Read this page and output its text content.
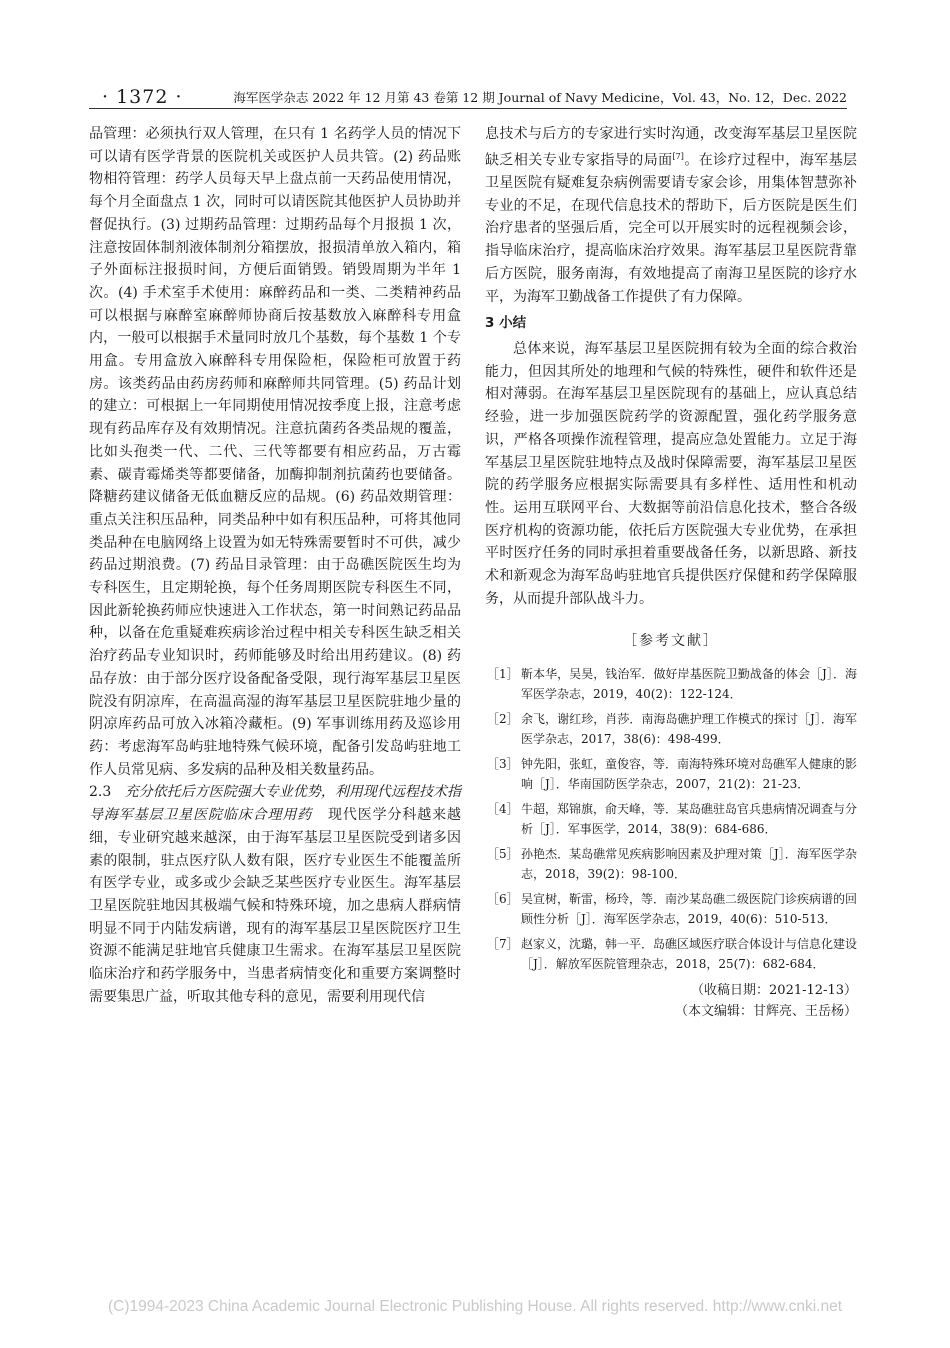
· 1372 ·	海军医学杂志 2022 年 12 月第 43 卷第 12 期 Journal of Navy Medicine，Vol. 43，No. 12，Dec. 2022

品管理：必须执行双人管理，在只有 1 名药学人员的情况下可以请有医学背景的医院机关或医护人员共管。(2) 药品账物相符管理：药学人员每天早上盘点前一天药品使用情况，每个月全面盘点 1 次，同时可以请医院其他医护人员协助并督促执行。(3) 过期药品管理：过期药品每个月报损 1 次，注意按固体制剂液体制剂分箱摆放，报损清单放入箱内，箱子外面标注报损时间，方便后面销毁。销毁周期为半年 1 次。(4) 手术室手术使用：麻醉药品和一类、二类精神药品可以根据与麻醉室麻醉师协商后按基数放入麻醉科专用盒内，一般可以根据手术量同时放几个基数，每个基数 1 个专用盒。专用盒放入麻醉科专用保险柜，保险柜可放置于药房。该类药品由药房药师和麻醉师共同管理。(5) 药品计划的建立：可根据上一年同期使用情况按季度上报，注意考虑现有药品库存及有效期情况。注意抗菌药各类品规的覆盖，比如头孢类一代、二代、三代等都要有相应药品，万古霉素、碳青霉烯类等都要储备，加酶抑制剂抗菌药也要储备。降糖药建议储备无低血糖反应的品规。(6) 药品效期管理：重点关注积压品种，同类品种中如有积压品种，可将其他同类品种在电脑网络上设置为如无特殊需要暂时不可供，减少药品过期浪费。(7) 药品目录管理：由于岛礁医院医生均为专科医生，且定期轮换，每个任务周期医院专科医生不同，因此新轮换药师应快速进入工作状态，第一时间熟记药品品种，以备在危重疑难疾病诊治过程中相关专科医生缺乏相关治疗药品专业知识时，药师能够及时给出用药建议。(8) 药品存放：由于部分医疗设备配备受限，现行海军基层卫星医院没有阴凉库，在高温高湿的海军基层卫星医院驻地少量的阴凉库药品可放入冰箱冷藏柜。(9) 军事训练用药及巡诊用药：考虑海军岛屿驻地特殊气候环境，配备引发岛屿驻地工作人员常见病、多发病的品种及相关数量药品。

2.3 充分依托后方医院强大专业优势，利用现代远程技术指导海军基层卫星医院临床合理用药 现代医学分科越来越细，专业研究越来越深，由于海军基层卫星医院受到诸多因素的限制，驻点医疗队人数有限，医疗专业医生不能覆盖所有医学专业，或多或少会缺乏某些医疗专业医生。海军基层卫星医院驻地因其极端气候和特殊环境，加之患病人群病情明显不同于内陆发病谱，现有的海军基层卫星医院医疗卫生资源不能满足驻地官兵健康卫生需求。在海军基层卫星医院临床治疗和药学服务中，当患者病情变化和重要方案调整时需要集思广益，听取其他专科的意见，需要利用现代信

息技术与后方的专家进行实时沟通，改变海军基层卫星医院缺乏相关专业专家指导的局面[7]。在诊疗过程中，海军基层卫星医院有疑难复杂病例需要请专家会诊，用集体智慧弥补专业的不足，在现代信息技术的帮助下，后方医院是医生们治疗患者的坚强后盾，完全可以开展实时的远程视频会诊，指导临床治疗，提高临床治疗效果。海军基层卫星医院背靠后方医院，服务南海，有效地提高了南海卫星医院的诊疗水平，为海军卫勤战备工作提供了有力保障。

3 小结

总体来说，海军基层卫星医院拥有较为全面的综合救治能力，但因其所处的地理和气候的特殊性，硬件和软件还是相对薄弱。在海军基层卫星医院现有的基础上，应认真总结经验，进一步加强医院药学的资源配置，强化药学服务意识，严格各项操作流程管理，提高应急处置能力。立足于海军基层卫星医院驻地特点及战时保障需要，海军基层卫星医院的药学服务应根据实际需要具有多样性、适用性和机动性。运用互联网平台、大数据等前沿信息化技术，整合各级医疗机构的资源功能，依托后方医院强大专业优势，在承担平时医疗任务的同时承担着重要战备任务，以新思路、新技术和新观念为海军岛屿驻地官兵提供医疗保健和药学保障服务，从而提升部队战斗力。

［参考文献］
［1］ 靳本华，吴昊，钱治军．做好岸基医院卫勤战备的体会［J］．海军医学杂志，2019，40(2)：122-124．
［2］ 余飞，谢红珍，肖莎．南海岛礁护理工作模式的探讨［J］．海军医学杂志，2017，38(6)：498-499．
［3］ 钟先阳，张虹，童俊容，等．南海特殊环境对岛礁军人健康的影响［J］．华南国防医学杂志，2007，21(2)：21-23．
［4］ 牛超，郑锦旗，俞天峰，等．某岛礁驻岛官兵患病情况调查与分析［J］．军事医学，2014，38(9)：684-686．
［5］ 孙艳杰．某岛礁常见疾病影响因素及护理对策［J］．海军医学杂志，2018，39(2)：98-100．
［6］ 吴宣树，靳雷，杨玲，等．南沙某岛礁二级医院门诊疾病谱的回顾性分析［J］．海军医学杂志，2019，40(6)：510-513．
［7］ 赵家义，沈璐，韩一平．岛礁区域医疗联合体设计与信息化建设［J］．解放军医院管理杂志，2018，25(7)：682-684．
（收稿日期：2021-12-13）
（本文编辑：甘辉亮、王岳杨）
(C)1994-2023 China Academic Journal Electronic Publishing House. All rights reserved. http://www.cnki.net
